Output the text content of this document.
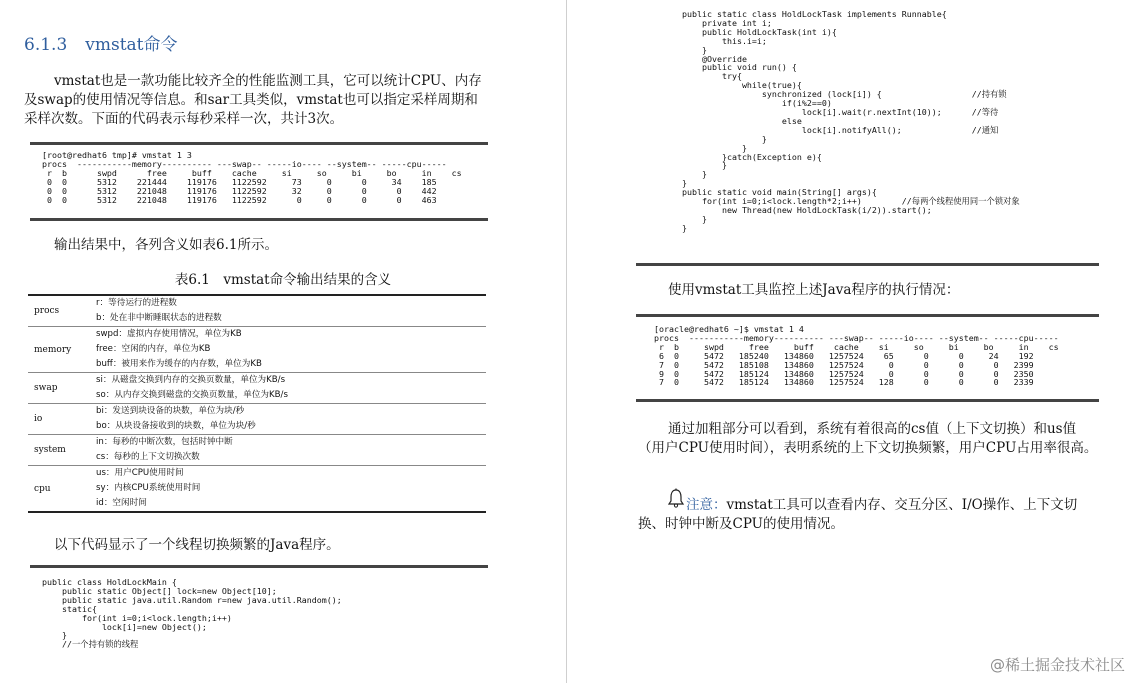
6.1.3 vmstat命令
vmstat也是一款功能比较齐全的性能监测工具，它可以统计CPU、内存及swap的使用情况等信息。和sar工具类似，vmstat也可以指定采样周期和采样次数。下面的代码表示每秒采样一次，共计3次。
[root@redhat6 tmp]# vmstat 1 3
procs  -----------memory---------- ---swap-- -----io---- --system-- -----cpu-----
r  b      swpd      free     buff    cache     si     so     bi     bo     in    cs
0  0      5312    221444    119176   1122592     73     0      0     34    185
0  0      5312    221048    119176   1122592     32     0      0      0    442
0  0      5312    221048    119176   1122592      0     0      0      0    463
输出结果中，各列含义如表6.1所示。
表6.1　vmstat命令输出结果的含义
procs	r：等待运行的进程数
b：处在非中断睡眠状态的进程数

memory	swpd：虚拟内存使用情况，单位为KB
free：空闲的内存，单位为KB
buff：被用来作为缓存的内存数，单位为KB

swap	si：从磁盘交换到内存的交换页数量，单位为KB/s
so：从内存交换到磁盘的交换页数量，单位为KB/s

io	bi：发送到块设备的块数，单位为块/秒
bo：从块设备接收到的块数，单位为块/秒

system	in：每秒的中断次数，包括时钟中断
cs：每秒的上下文切换次数

cpu	us：用户CPU使用时间
sy：内核CPU系统使用时间
id：空闲时间
以下代码显示了一个线程切换频繁的Java程序。
public class HoldLockMain {
public static Object[] lock=new Object[10];
public static java.util.Random r=new java.util.Random();
static{
for(int i=0;i<lock.length;i++)
lock[i]=new Object();
}
//一个持有锁的线程
public static class HoldLockTask implements Runnable{
private int i;
public HoldLockTask(int i){
this.i=i;
}
@Override
public void run() {
try{
while(true){
synchronized (lock[i]) {                  //持有锁
if(i%2==0)
lock[i].wait(r.nextInt(10));      //等待
else
lock[i].notifyAll();              //通知
}
}
}catch(Exception e){
}
}
}
public static void main(String[] args){
for(int i=0;i<lock.length*2;i++)        //每两个线程使用同一个锁对象
new Thread(new HoldLockTask(i/2)).start();
}
}
使用vmstat工具监控上述Java程序的执行情况：
[oracle@redhat6 ~]$ vmstat 1 4
procs  -----------memory---------- ---swap-- -----io---- --system-- -----cpu-----
r  b     swpd     free     buff    cache    si     so     bi     bo     in    cs
6  0     5472   185240   134860   1257524    65      0      0     24    192
7  0     5472   185108   134860   1257524     0      0      0      0   2399
9  0     5472   185124   134860   1257524     0      0      0      0   2350
7  0     5472   185124   134860   1257524   128      0      0      0   2339
通过加粗部分可以看到，系统有着很高的cs值（上下文切换）和us值（用户CPU使用时间），表明系统的上下文切换频繁，用户CPU占用率很高。
注意：vmstat工具可以查看内存、交互分区、I/O操作、上下文切换、时钟中断及CPU的使用情况。
@稀土掘金技术社区
